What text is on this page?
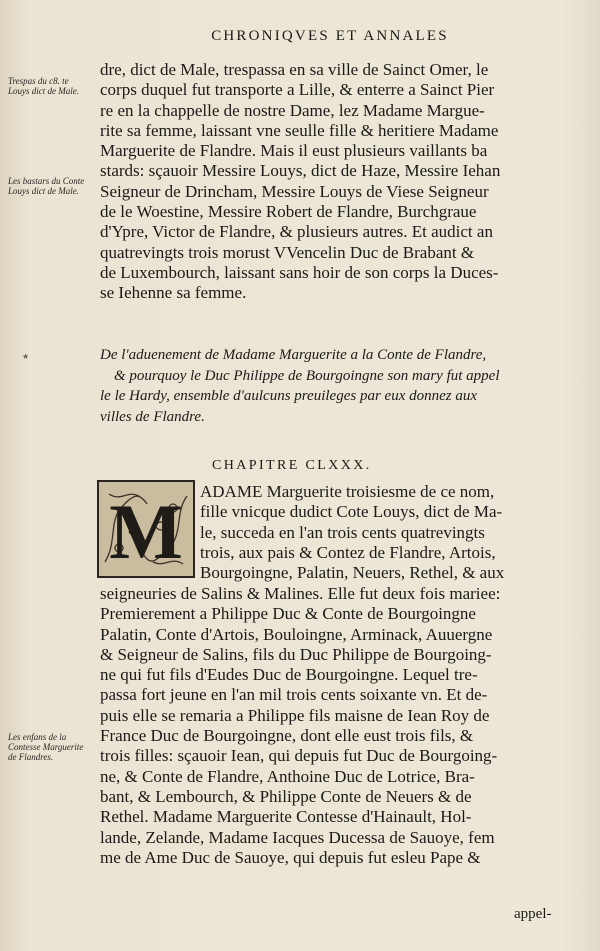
CHRONIQVES ET ANNALES
Trespas du c8. te Louys dict de Male.
Les bastars du Conte Louys dict de Male.
Les enfans de la Contesse Marguerite de Flandres.
dre, dict de Male, trespassa en sa ville de Sainct Omer, le
corps duquel fut transporte a Lille, & enterre a Sainct Pier
re en la chappelle de nostre Dame, lez Madame Margue-
rite sa femme, laissant vne seulle fille & heritiere Madame
Marguerite de Flandre. Mais il eust plusieurs vaillants ba
stards: sçauoir Messire Louys, dict de Haze, Messire Iehan
Seigneur de Drincham, Messire Louys de Viese Seigneur
de le Woestine, Messire Robert de Flandre, Burchgraue
d'Ypre, Victor de Flandre, & plusieurs autres. Et audict an
quatrevingts trois morust VVencelin Duc de Brabant &
de Luxembourch, laissant sans hoir de son corps la Duces-
se Iehenne sa femme.
★	De l'aduenement de Madame Marguerite a la Conte de Flandre,
& pourquoy le Duc Philippe de Bourgoingne son mary fut appel
le le Hardy, ensemble d'aulcuns preuileges par eux donnez aux
villes de Flandre.
CHAPITRE CLXXX.
M ADAME Marguerite troisiesme de ce nom,
fille vnicque dudict Cote Louys, dict de Ma-
le, succeda en l'an trois cents quatrevingts
trois, aux pais & Contez de Flandre, Artois,
Bourgoingne, Palatin, Neuers, Rethel, & aux
seigneuries de Salins & Malines. Elle fut deux fois mariee:
Premierement a Philippe Duc & Conte de Bourgoingne
Palatin, Conte d'Artois, Bouloingne, Arminack, Auuergne
& Seigneur de Salins, fils du Duc Philippe de Bourgoing-
ne qui fut fils d'Eudes Duc de Bourgoingne. Lequel tre-
passa fort jeune en l'an mil trois cents soixante vn. Et de-
puis elle se remaria a Philippe fils maisne de Iean Roy de
France Duc de Bourgoingne, dont elle eust trois fils, &
trois filles: sçauoir Iean, qui depuis fut Duc de Bourgoing-
ne, & Conte de Flandre, Anthoine Duc de Lotrice, Bra-
bant, & Lembourch, & Philippe Conte de Neuers & de
Rethel. Madame Marguerite Contesse d'Hainault, Hol-
lande, Zelande, Madame Iacques Ducessa de Sauoye, fem
me de Ame Duc de Sauoye, qui depuis fut esleu Pape &
appel-
